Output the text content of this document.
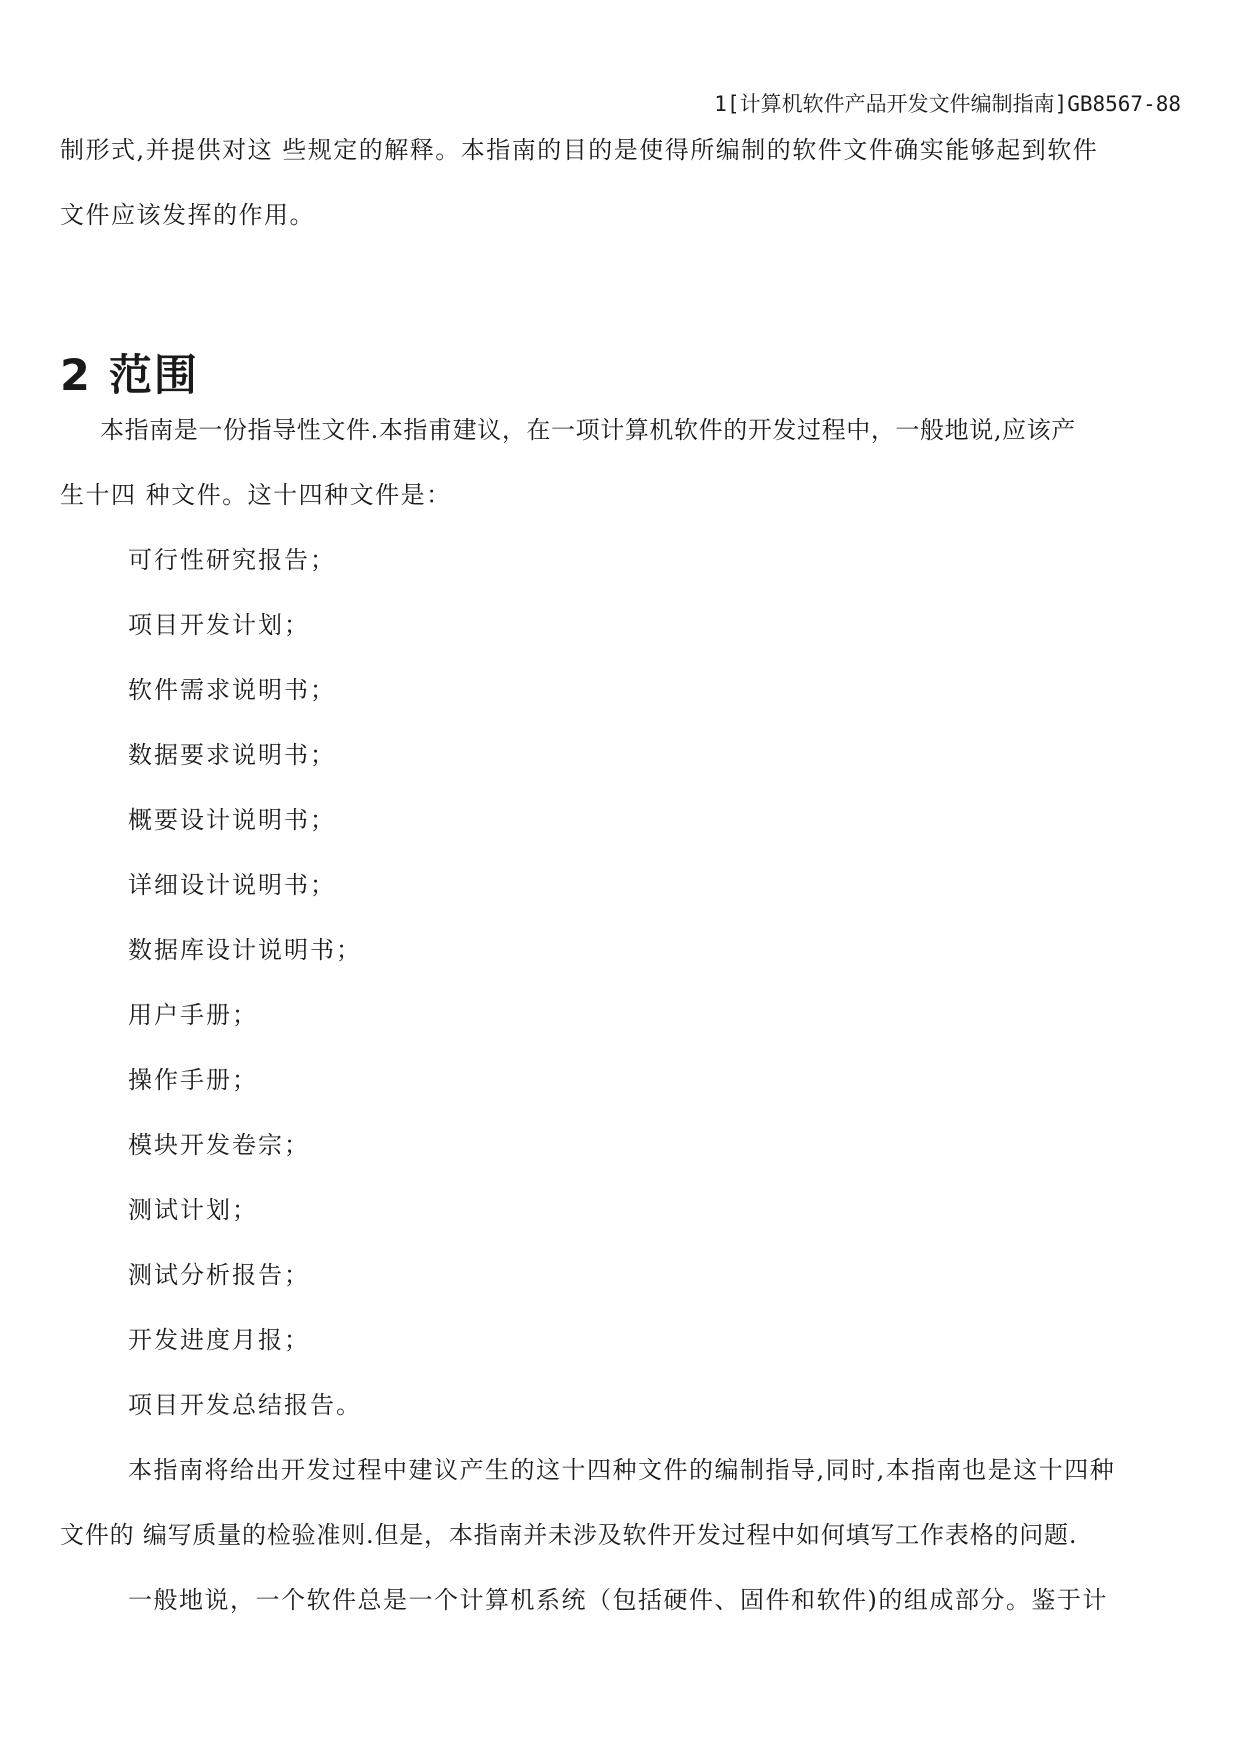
1[计算机软件产品开发文件编制指南]GB8567-88
制形式,并提供对这 些规定的解释。本指南的目的是使得所编制的软件文件确实能够起到软件
文件应该发挥的作用。
2 范围
本指南是一份指导性文件.本指甫建议，在一项计算机软件的开发过程中，一般地说,应该产
生十四 种文件。这十四种文件是：
可行性研究报告；
项目开发计划；
软件需求说明书；
数据要求说明书；
概要设计说明书；
详细设计说明书；
数据库设计说明书；
用户手册；
操作手册；
模块开发卷宗；
测试计划；
测试分析报告；
开发进度月报；
项目开发总结报告。
本指南将给出开发过程中建议产生的这十四种文件的编制指导,同时,本指南也是这十四种
文件的 编写质量的检验准则.但是，本指南并未涉及软件开发过程中如何填写工作表格的问题.
一般地说，一个软件总是一个计算机系统（包括硬件、固件和软件)的组成部分。鉴于计
